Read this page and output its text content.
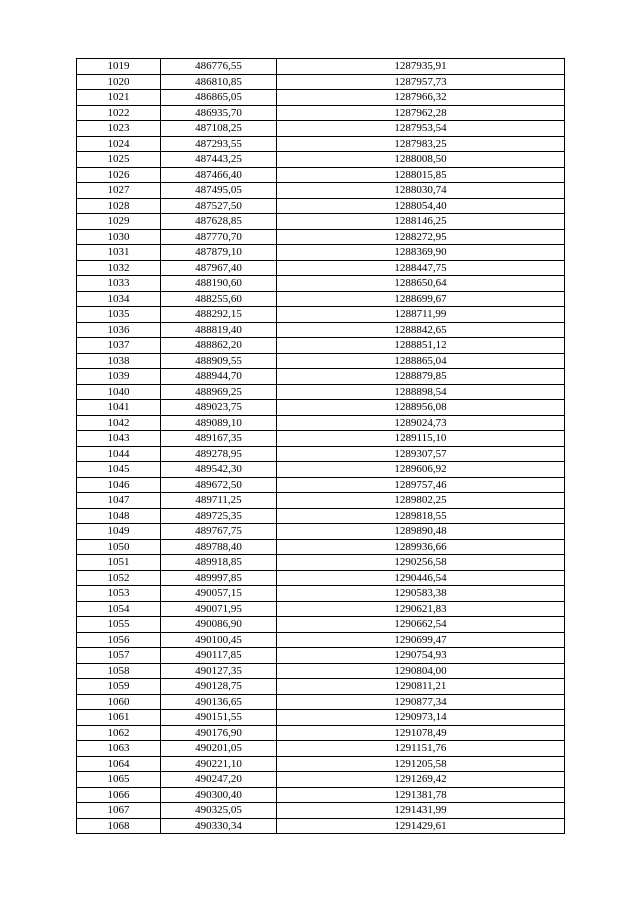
1019	486776,55	1287935,91
1020	486810,85	1287957,73
1021	486865,05	1287966,32
1022	486935,70	1287962,28
1023	487108,25	1287953,54
1024	487293,55	1287983,25
1025	487443,25	1288008,50
1026	487466,40	1288015,85
1027	487495,05	1288030,74
1028	487527,50	1288054,40
1029	487628,85	1288146,25
1030	487770,70	1288272,95
1031	487879,10	1288369,90
1032	487967,40	1288447,75
1033	488190,60	1288650,64
1034	488255,60	1288699,67
1035	488292,15	1288711,99
1036	488819,40	1288842,65
1037	488862,20	1288851,12
1038	488909,55	1288865,04
1039	488944,70	1288879,85
1040	488969,25	1288898,54
1041	489023,75	1288956,08
1042	489089,10	1289024,73
1043	489167,35	1289115,10
1044	489278,95	1289307,57
1045	489542,30	1289606,92
1046	489672,50	1289757,46
1047	489711,25	1289802,25
1048	489725,35	1289818,55
1049	489767,75	1289890,48
1050	489788,40	1289936,66
1051	489918,85	1290256,58
1052	489997,85	1290446,54
1053	490057,15	1290583,38
1054	490071,95	1290621,83
1055	490086,90	1290662,54
1056	490100,45	1290699,47
1057	490117,85	1290754,93
1058	490127,35	1290804,00
1059	490128,75	1290811,21
1060	490136,65	1290877,34
1061	490151,55	1290973,14
1062	490176,90	1291078,49
1063	490201,05	1291151,76
1064	490221,10	1291205,58
1065	490247,20	1291269,42
1066	490300,40	1291381,78
1067	490325,05	1291431,99
1068	490330,34	1291429,61
